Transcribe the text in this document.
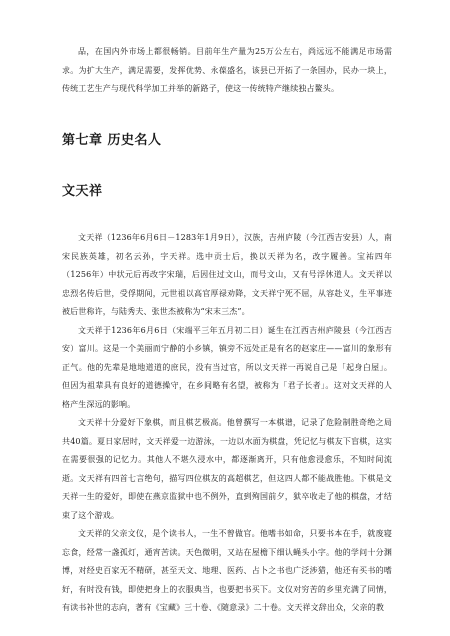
品，在国内外市场上都很畅销。目前年生产量为25万公左右，尚远远不能满足市场需求。为扩大生产，满足需要，发挥优势、永葆盛名，该县已开拓了一条国办，民办一块上，传统工艺生产与现代科学加工并举的新路子，使这一传统特产继续独占鳌头。

第七章 历史名人
文天祥

文天祥（1236年6月6日－1283年1月9日），汉族，吉州庐陵（今江西吉安县）人，南宋民族英雄，初名云孙，字天祥。选中贡士后，换以天祥为名，改字履善。宝祐四年（1256年）中状元后再改字宋瑞，后因住过文山，而号文山，又有号浮休道人。文天祥以忠烈名传后世，受俘期间，元世祖以高官厚禄劝降，文天祥宁死不屈，从容赴义，生平事迹被后世称许，与陆秀夫、张世杰被称为“宋末三杰”。

文天祥于1236年6月6日（宋端平三年五月初二日）诞生在江西吉州庐陵县（今江西吉安）富川。这是一个美丽而宁静的小乡镇，镇旁不远处正是有名的赵家庄——富川的象形有正气。他的先辈是地地道道的庶民，没有当过官，所以文天祥一再说自己是「起身白屋」。但因为祖辈具有良好的道德操守，在乡间略有名望，被称为「君子长者」。这对文天祥的人格产生深远的影响。

文天祥十分爱好下象棋，而且棋艺极高。他曾撰写一本棋谱，记录了危险制胜奇绝之局共40篇。夏日家居时，文天祥爱一边游泳，一边以水面为棋盘，凭记忆与棋友下盲棋，这实在需要很强的记忆力。其他人不堪久浸水中，都逐渐离开，只有他愈浸愈乐，不知时间流逝。文天祥有四首七言绝句，描写四位棋友的高超棋艺，但这四人都不能战胜他。下棋是文天祥一生的爱好，即使在燕京监狱中也不例外，直到殉国前夕，狱卒收走了他的棋盘，才结束了这个游戏。

文天祥的父亲文仪，是个读书人，一生不曾做官。他嗜书如命，只要书本在手，就废寝忘食，经常一盏孤灯，通宵苦读。天色微明，又站在屋檐下细认蝇头小字。他的学问十分渊博，对经史百家无不精研，甚至天文、地理、医药、占卜之书也广泛涉猎，他还有买书的嗜好，有时没有钱，即使把身上的衣服典当，也要把书买下。文仪对穷苦的乡里充满了同情，有读书补世的志向，著有《宝藏》三十卷、《随意录》二十卷。文天祥文辞出众，父亲的教
